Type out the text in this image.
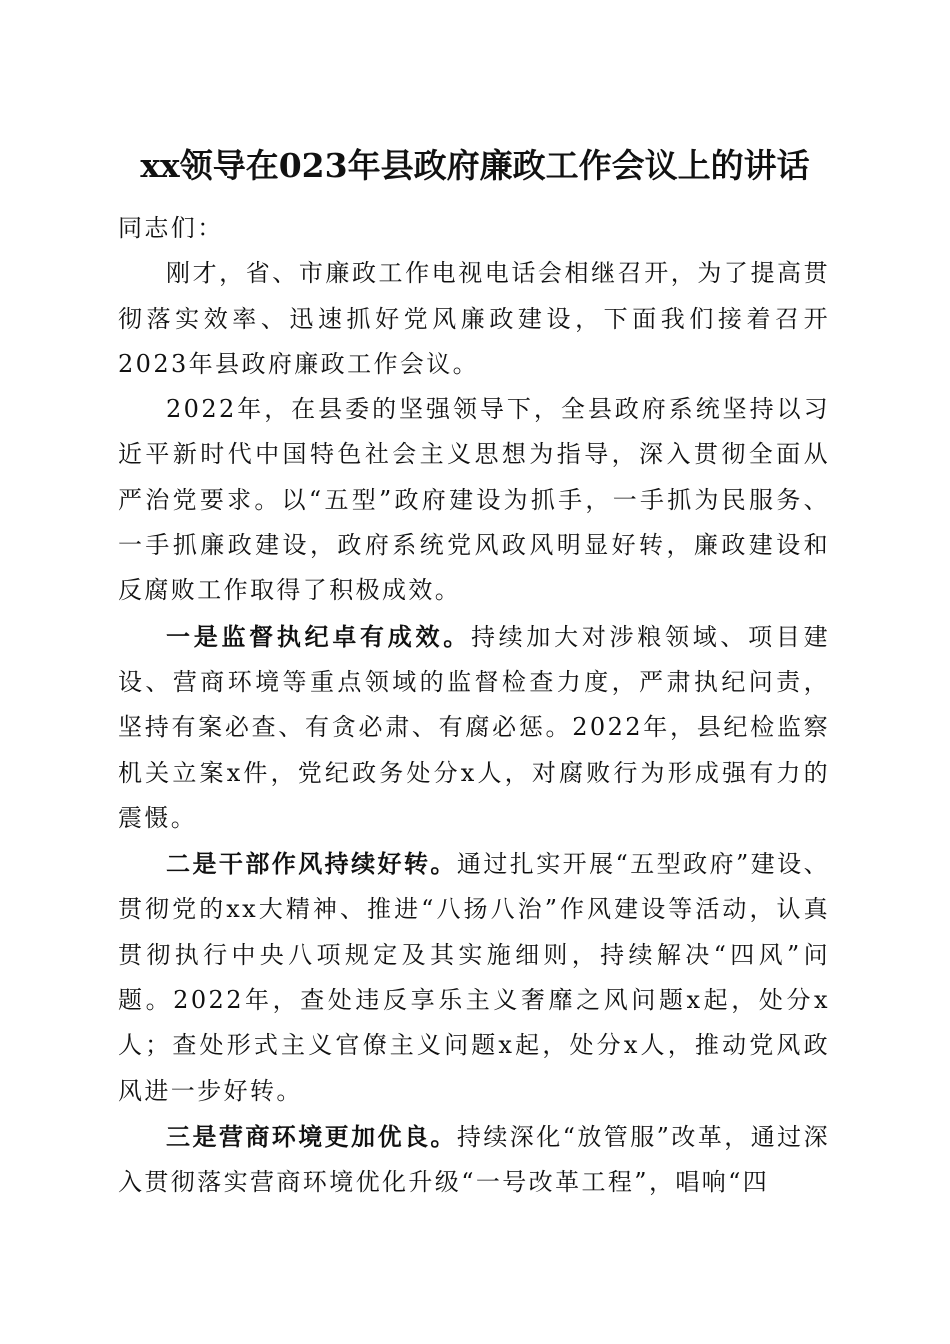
xx领导在023年县政府廉政工作会议上的讲话

同志们：

刚才，省、市廉政工作电视电话会相继召开，为了提高贯彻落实效率、迅速抓好党风廉政建设，下面我们接着召开2023年县政府廉政工作会议。

2022年，在县委的坚强领导下，全县政府系统坚持以习近平新时代中国特色社会主义思想为指导，深入贯彻全面从严治党要求。以“五型”政府建设为抓手，一手抓为民服务、一手抓廉政建设，政府系统党风政风明显好转，廉政建设和反腐败工作取得了积极成效。

一是监督执纪卓有成效。持续加大对涉粮领域、项目建设、营商环境等重点领域的监督检查力度，严肃执纪问责，坚持有案必查、有贪必肃、有腐必惩。2022年，县纪检监察机关立案x件，党纪政务处分x人，对腐败行为形成强有力的震慑。

二是干部作风持续好转。通过扎实开展“五型政府”建设、贯彻党的xx大精神、推进“八扬八治”作风建设等活动，认真贯彻执行中央八项规定及其实施细则，持续解决“四风”问题。2022年，查处违反享乐主义奢靡之风问题x起，处分x人；查处形式主义官僚主义问题x起，处分x人，推动党风政风进一步好转。

三是营商环境更加优良。持续深化“放管服”改革，通过深入贯彻落实营商环境优化升级“一号改革工程”，唱响“四
